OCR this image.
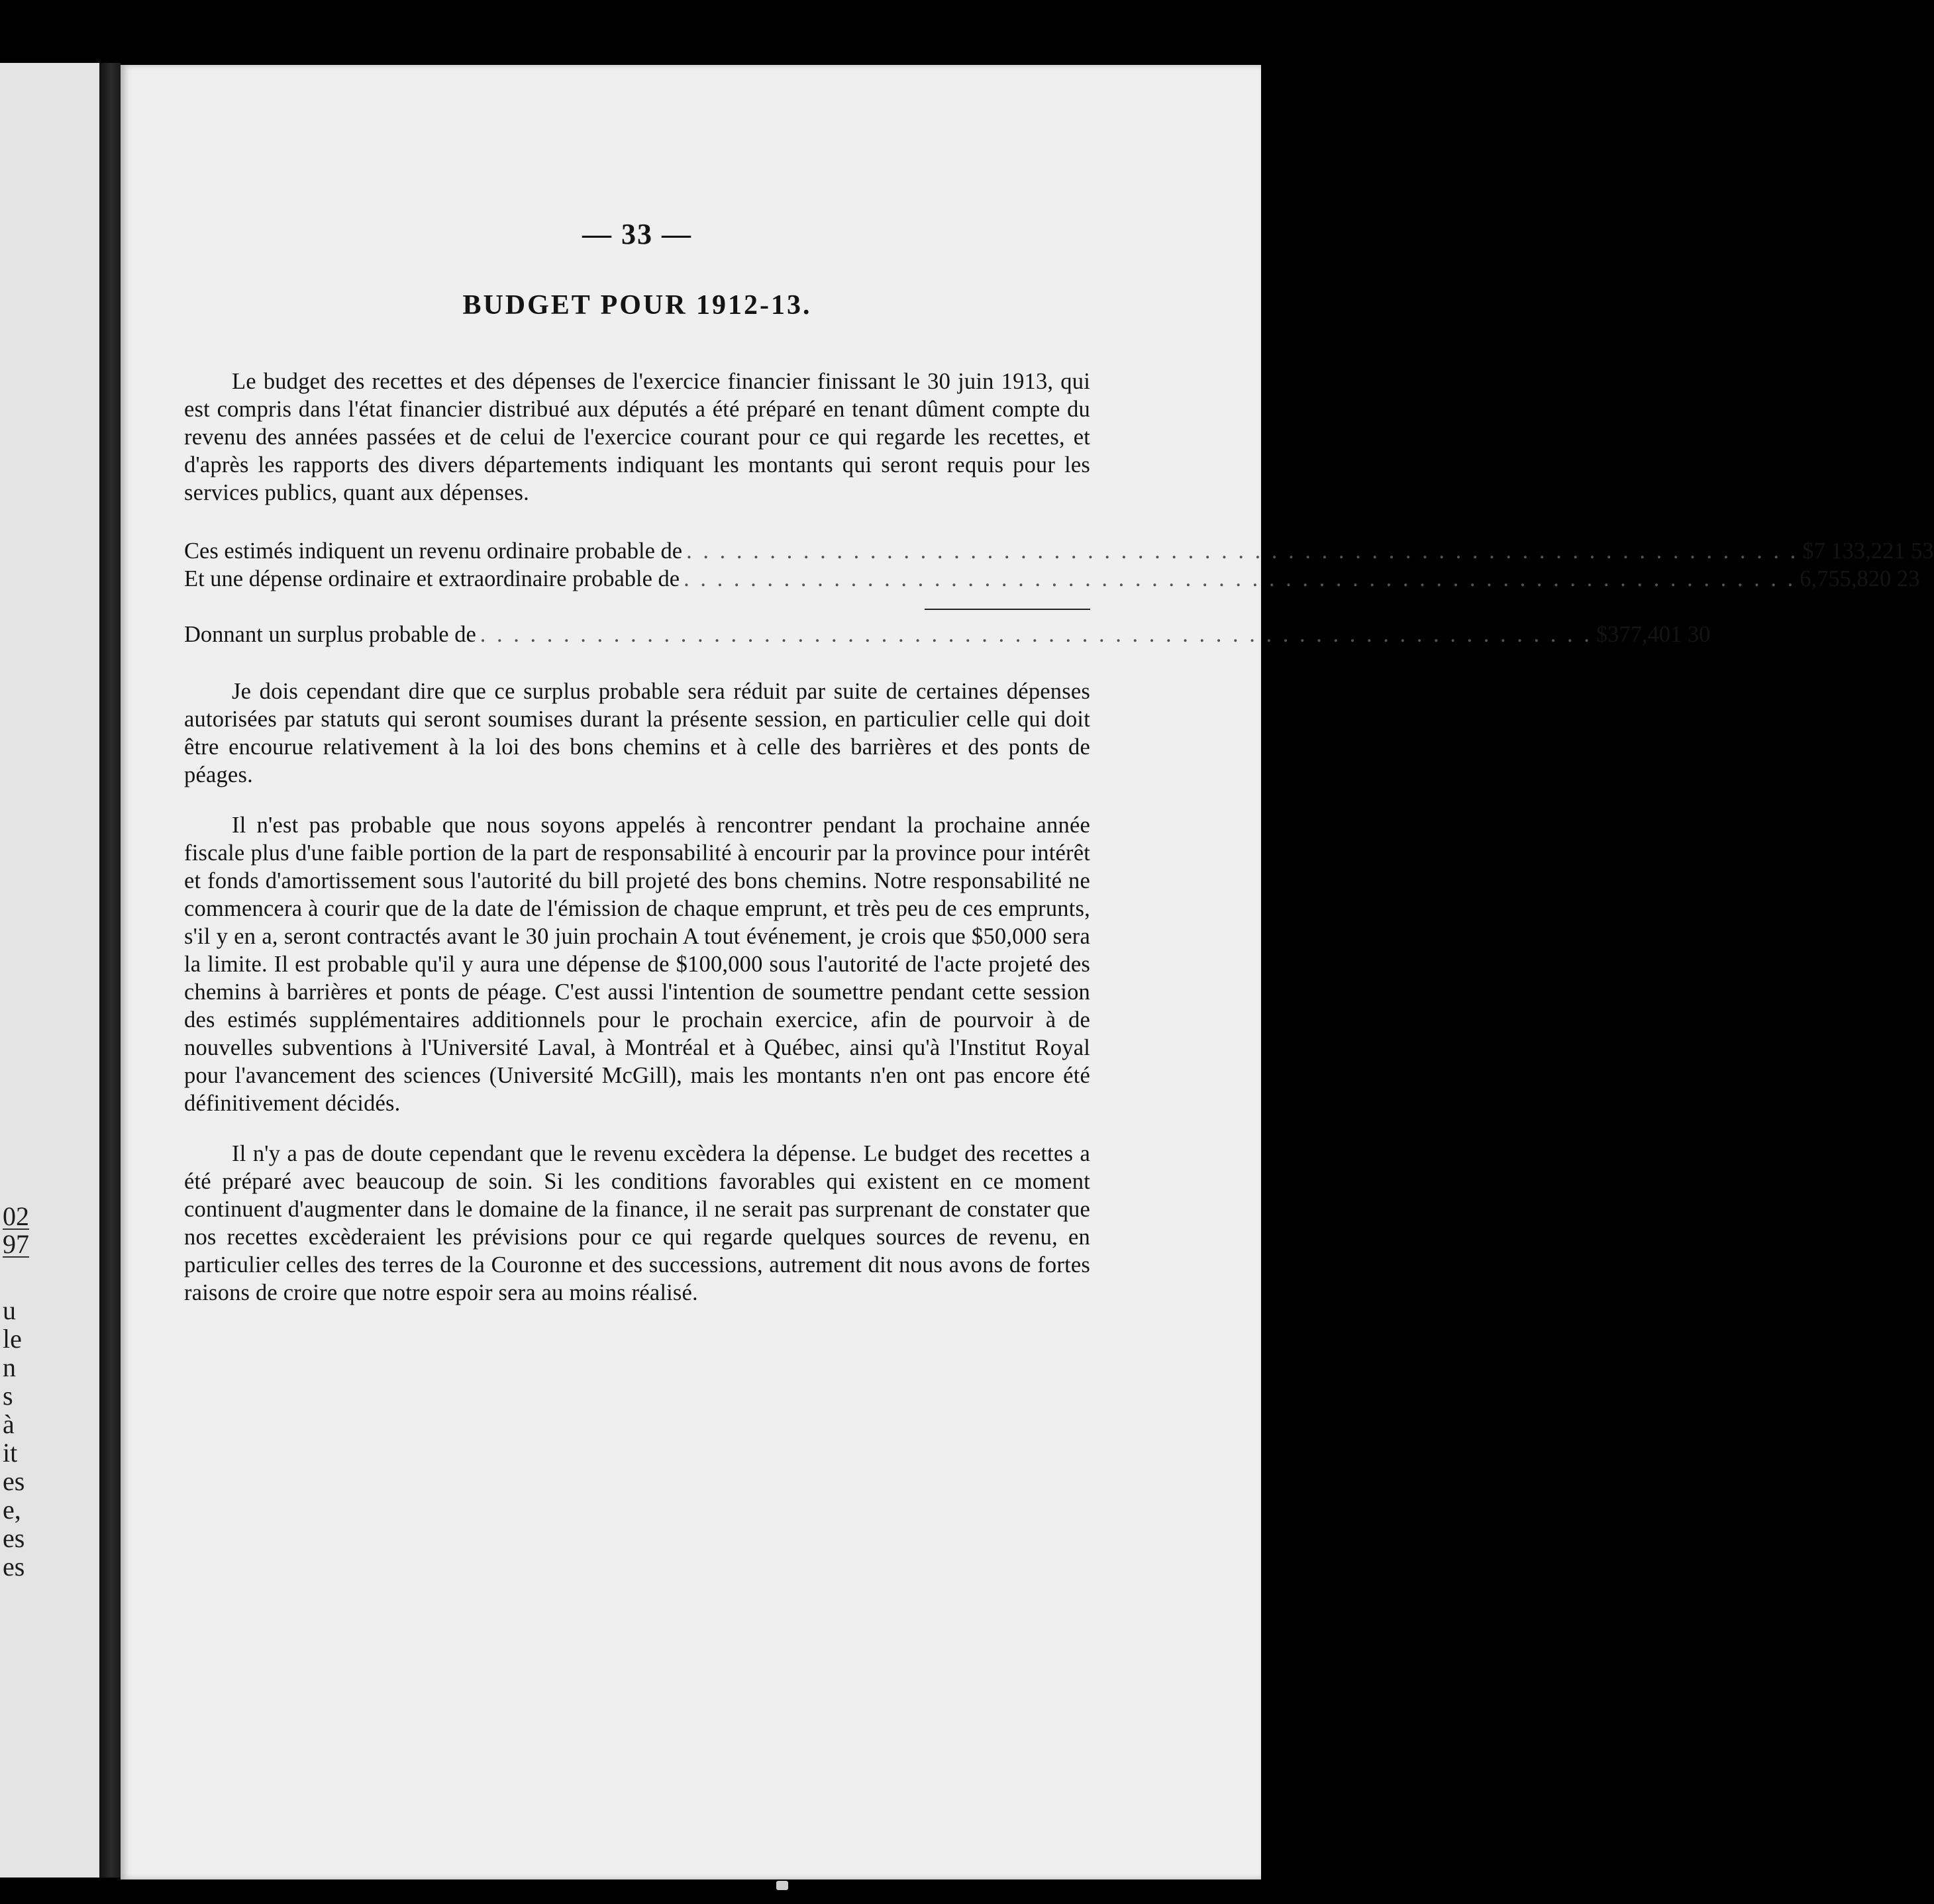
02
97
u
le
n
s
à
it
es
e,
es
es
— 33 —
BUDGET POUR 1912-13.

Le budget des recettes et des dépenses de l'exercice financier finissant le 30 juin 1913, qui est compris dans l'état financier distribué aux députés a été préparé en tenant dûment compte du revenu des années passées et de celui de l'exercice courant pour ce qui regarde les recettes, et d'après les rapports des divers départements indiquant les montants qui seront requis pour les services publics, quant aux dépenses.

Ces estimés indiquent un revenu ordinaire probable de . . . . . . . . . . . . . . . . . . . . . . . . . . . . . . . . . . . . . . . . . . . . . . . . . . . . . . . . . . . . . . . . . . . $ 7 133,221 53
Et une dépense ordinaire et extraordinaire probable de . . . . . . . . . . . . . . . . . . . . . . . . . . . . . . . . . . . . . . . . . . . . . . . . . . . . . . . . . . . . . . . . . . . 6,755,820 23
Donnant un surplus probable de . . . . . . . . . . . . . . . . . . . . . . . . . . . . . . . . . . . . . . . . . . . . . . . . . . . . . . . . . . . . . . . . . . . $ 377,401 30

Je dois cependant dire que ce surplus probable sera réduit par suite de certaines dépenses autorisées par statuts qui seront soumises durant la présente session, en particulier celle qui doit être encourue relativement à la loi des bons chemins et à celle des barrières et des ponts de péages.

Il n'est pas probable que nous soyons appelés à rencontrer pendant la prochaine année fiscale plus d'une faible portion de la part de responsabilité à encourir par la province pour intérêt et fonds d'amortissement sous l'autorité du bill projeté des bons chemins. Notre responsabilité ne commencera à courir que de la date de l'émission de chaque emprunt, et très peu de ces emprunts, s'il y en a, seront contractés avant le 30 juin prochain A tout événement, je crois que $50,000 sera la limite. Il est probable qu'il y aura une dépense de $100,000 sous l'autorité de l'acte projeté des chemins à barrières et ponts de péage. C'est aussi l'intention de soumettre pendant cette session des estimés supplémentaires additionnels pour le prochain exercice, afin de pourvoir à de nouvelles subventions à l'Université Laval, à Montréal et à Québec, ainsi qu'à l'Institut Royal pour l'avancement des sciences (Université McGill), mais les montants n'en ont pas encore été définitivement décidés.

Il n'y a pas de doute cependant que le revenu excèdera la dépense. Le budget des recettes a été préparé avec beaucoup de soin. Si les conditions favorables qui existent en ce moment continuent d'augmenter dans le domaine de la finance, il ne serait pas surprenant de constater que nos recettes excèderaient les prévisions pour ce qui regarde quelques sources de revenu, en particulier celles des terres de la Couronne et des successions, autrement dit nous avons de fortes raisons de croire que notre espoir sera au moins réalisé.
